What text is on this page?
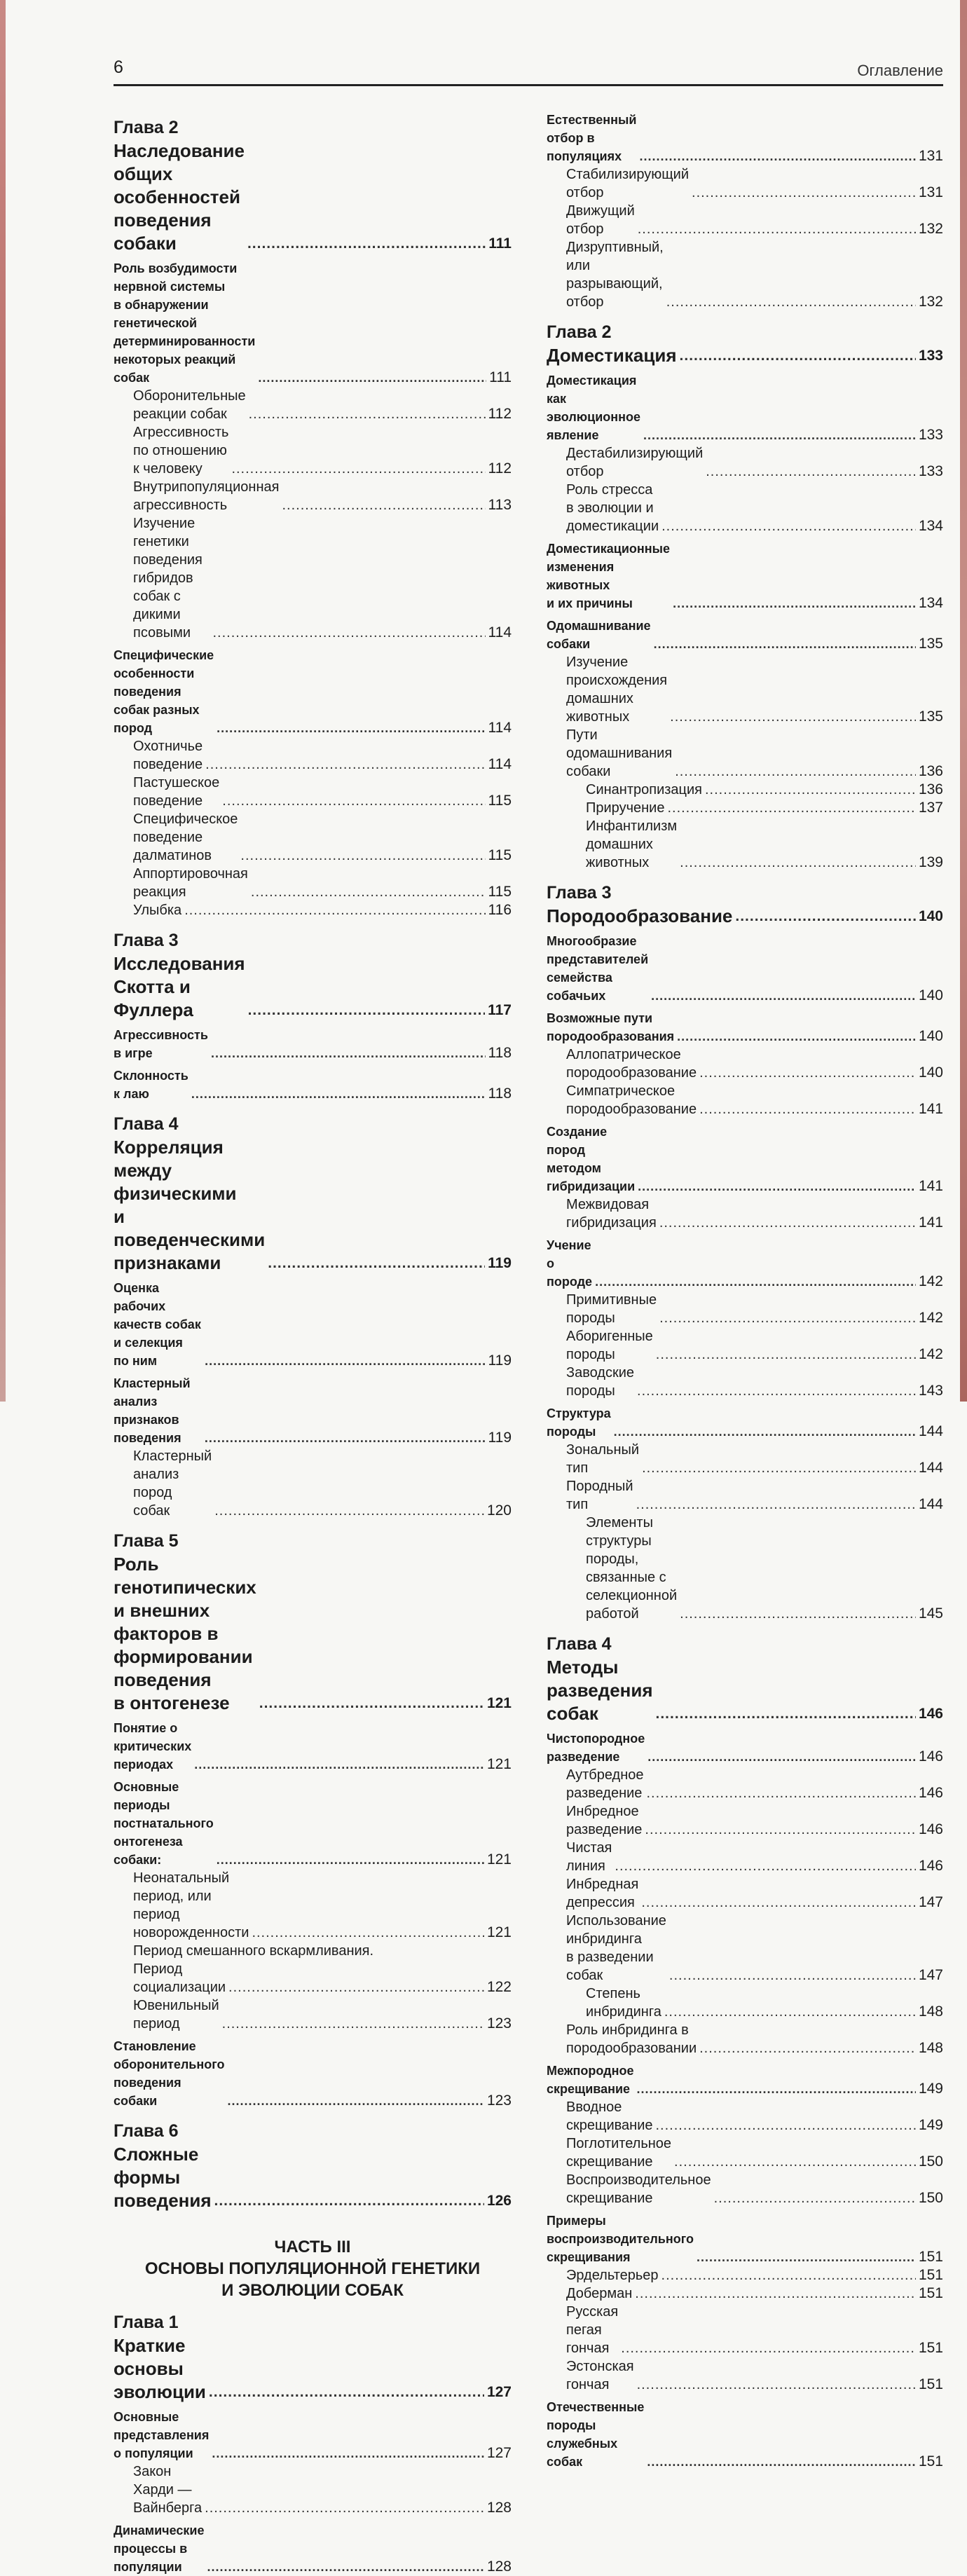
6	Оглавление
Глава 2
Наследование общих особенностей
поведения собаки .....	111
Роль возбудимости нервной системы
в обнаружении генетической детерминированности
некоторых реакций собак .....	111
Оборонительные реакции собак .....	112
Агрессивность по отношению к человеку .....	112
Внутрипопуляционная агрессивность .....	113
Изучение генетики поведения гибридов
собак с дикими псовыми .....	114
Специфические особенности поведения
собак разных пород .....	114
Охотничье поведение .....	114
Пастушеское поведение .....	115
Специфическое поведение далматинов .....	115
Аппортировочная реакция .....	115
Улыбка .....	116
Глава 3
Исследования Скотта и Фуллера .....	117
Агрессивность в игре .....	118
Склонность к лаю .....	118
Глава 4
Корреляция между физическими
и поведенческими признаками .....	119
Оценка рабочих качеств собак и селекция
по ним .....	119
Кластерный анализ признаков поведения .....	119
Кластерный анализ пород собак .....	120
Глава 5
Роль генотипических и внешних
факторов в формировании поведения
в онтогенезе .....	121
Понятие о критических периодах .....	121
Основные периоды постнатального
онтогенеза собаки: .....	121
Неонатальный период, или период
новорожденности .....	121
Период смешанного вскармливания.
Период социализации .....	122
Ювенильный период .....	123
Становление оборонительного поведения
собаки .....	123
Глава 6
Сложные формы поведения .....	126
ЧАСТЬ III
ОСНОВЫ ПОПУЛЯЦИОННОЙ ГЕНЕТИКИ
И ЭВОЛЮЦИИ СОБАК
Глава 1
Краткие основы эволюции .....	127
Основные представления о популяции .....	127
Закон Харди — Вайнберга .....	128
Динамические процессы в популяции .....	128
Естественный отбор в популяциях .....	131
Стабилизирующий отбор .....	131
Движущий отбор .....	132
Дизруптивный, или разрывающий, отбор .....	132
Глава 2
Доместикация .....	133
Доместикация как эволюционное явление .....	133
Дестабилизирующий отбор .....	133
Роль стресса в эволюции и доместикации .....	134
Доместикационные изменения животных
и их причины .....	134
Одомашнивание собаки .....	135
Изучение происхождения
домашних животных .....	135
Пути одомашнивания собаки .....	136
Синантропизация .....	136
Приручение .....	137
Инфантилизм домашних животных .....	139
Глава 3
Породообразование .....	140
Многообразие представителей семейства
собачьих .....	140
Возможные пути породообразования .....	140
Аллопатрическое
породообразование .....	140
Симпатрическое породообразование .....	141
Создание пород методом гибридизации .....	141
Межвидовая гибридизация .....	141
Учение о породе .....	142
Примитивные породы .....	142
Аборигенные породы .....	142
Заводские породы .....	143
Структура породы .....	144
Зональный тип .....	144
Породный тип .....	144
Элементы структуры породы,
связанные с селекционной работой .....	145
Глава 4
Методы разведения собак .....	146
Чистопородное разведение .....	146
Аутбредное разведение .....	146
Инбредное разведение .....	146
Чистая линия .....	146
Инбредная депрессия .....	147
Использование инбридинга
в разведении собак .....	147
Степень инбридинга .....	148
Роль инбридинга в породообразовании .....	148
Межпородное скрещивание .....	149
Вводное скрещивание .....	149
Поглотительное скрещивание .....	150
Воспроизводительное скрещивание .....	150
Примеры воспроизводительного скрещивания .....	151
Эрдельтерьер .....	151
Доберман .....	151
Русская пегая гончая .....	151
Эстонская гончая .....	151
Отечественные породы служебных собак .....	151
